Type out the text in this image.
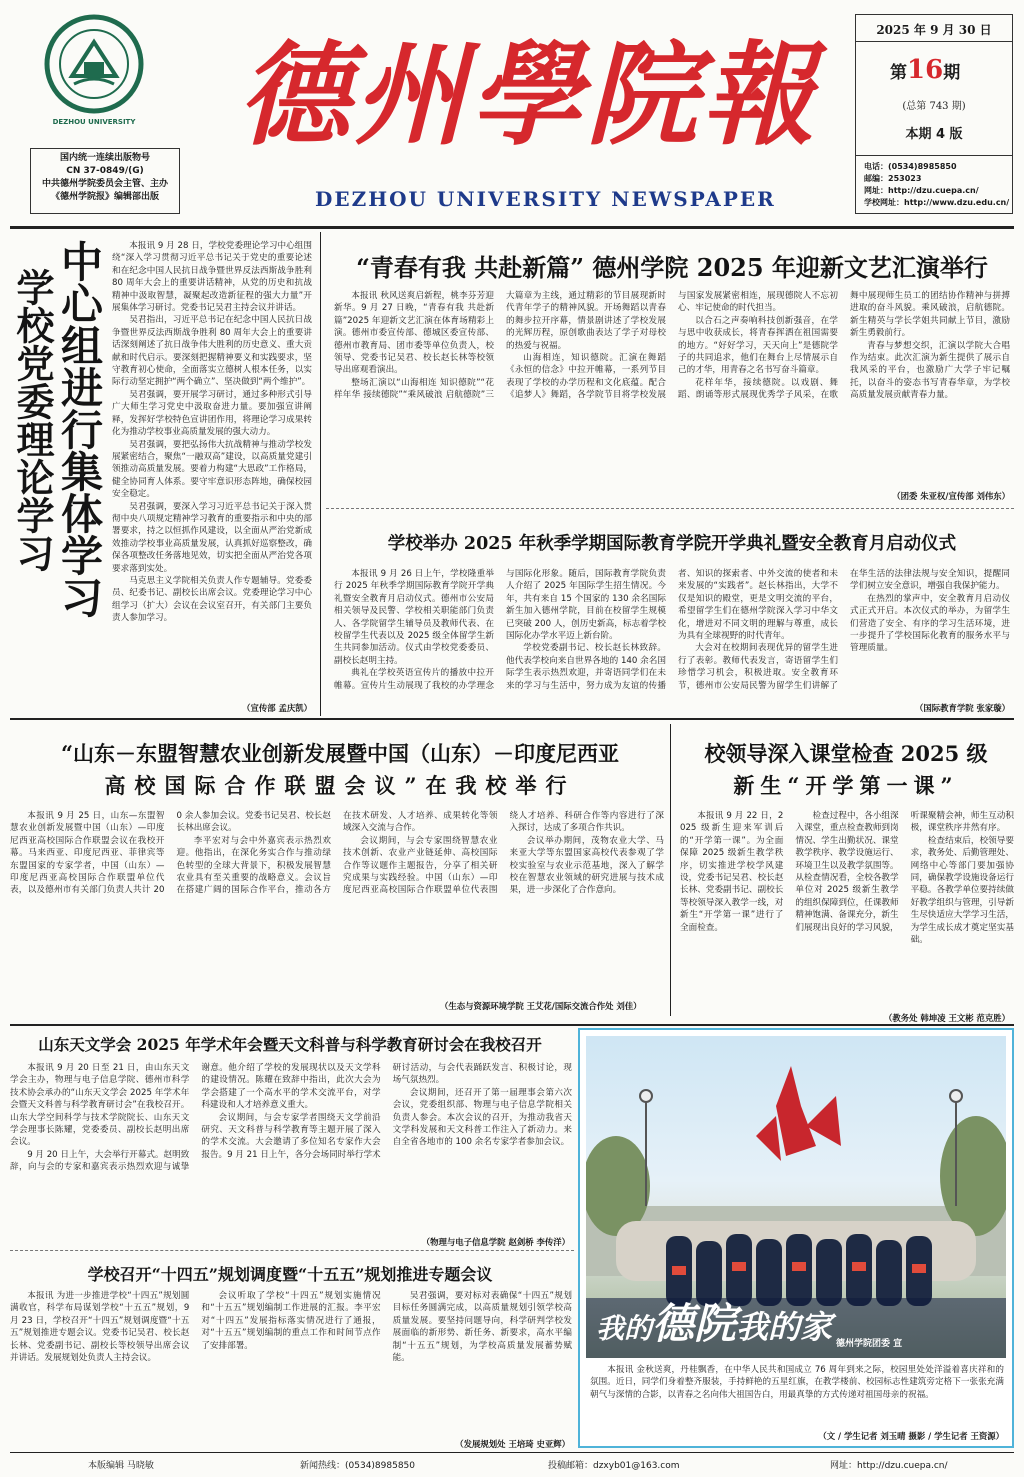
DEZHOU UNIVERSITY
国内统一连续出版物号
CN 37-0849/(G)
中共德州学院委员会主管、主办
《德州学院报》编辑部出版
德州學院報
DEZHOU UNIVERSITY NEWSPAPER
2025 年 9 月 30 日
第16期
(总第 743 期)
本期 4 版
电话：(0534)8985850
邮编：253023
网址：http://dzu.cuepa.cn/
学校网址：http://www.dzu.edu.cn/
中心组进行集体学习
学校党委理论学习

本报讯 9 月 28 日，学校党委理论学习中心组围绕“深入学习贯彻习近平总书记关于党史的重要论述和在纪念中国人民抗日战争暨世界反法西斯战争胜利 80 周年大会上的重要讲话精神，从党的历史和抗战精神中汲取智慧，凝聚起改造新征程的强大力量”开展集体学习研讨。党委书记吴君主持会议并讲话。

吴君指出，习近平总书记在纪念中国人民抗日战争暨世界反法西斯战争胜利 80 周年大会上的重要讲话深刻阐述了抗日战争伟大胜利的历史意义、重大贡献和时代启示。要深刻把握精神要义和实践要求，坚守教育初心使命，全面落实立德树人根本任务，以实际行动坚定拥护“两个确立”、坚决做到“两个维护”。

吴君强调，要开展学习研讨，通过多种形式引导广大师生学习党史中汲取奋进力量。要加强宣讲阐释，发挥好学校特色宣讲团作用，将理论学习成果转化为推动学校事业高质量发展的强大动力。

吴君强调，要把弘扬伟大抗战精神与推动学校发展紧密结合，聚焦“一融双高”建设，以高质量党建引领推动高质量发展。要着力构建“大思政”工作格局，健全协同育人体系。要守牢意识形态阵地，确保校园安全稳定。

吴君强调，要深入学习习近平总书记关于深入贯彻中央八项规定精神学习教育的重要指示和中央的部署要求，持之以恒抓作风建设，以全面从严治党新成效推动学校事业高质量发展，认真抓好巡察整改，确保各项整改任务落地见效，切实把全面从严治党各项要求落到实处。

马克思主义学院相关负责人作专题辅导。党委委员、纪委书记、副校长出席会议。党委理论学习中心组学习（扩大）会议在会议室召开，有关部门主要负责人参加学习。

（宣传部 孟庆凯）
“青春有我 共赴新篇” 德州学院 2025 年迎新文艺汇演举行

本报讯 秋风送爽启新程，桃李芬芳迎新华。9 月 27 日晚，“青春有我 共赴新篇”2025 年迎新文艺汇演在体育场精彩上演。德州市委宣传部、德城区委宣传部、德州市教育局、团市委等单位负责人，校领导、党委书记吴君、校长赵长林等校领导出席观看演出。

整场汇演以“山海相连 知识德院”“花样年华 接续德院”“乘风破浪 启航德院”三大篇章为主线，通过精彩的节目展现新时代青年学子的精神风貌。开场舞蹈以青春的舞步拉开序幕，情景剧讲述了学校发展的光辉历程，原创歌曲表达了学子对母校的热爱与祝福。

山海相连，知识德院。汇演在舞蹈《永恒的信念》中拉开帷幕，一系列节目表现了学校的办学历程和文化底蕴。配合《追梦人》舞蹈，各学院节目将学校发展与国家发展紧密相连，展现德院人不忘初心、牢记使命的时代担当。

以合石之声奏响科技创新强音，在学与思中收获成长，将青春挥洒在祖国需要的地方。“好好学习，天天向上”是德院学子的共同追求，他们在舞台上尽情展示自己的才华，用青春之名书写奋斗篇章。

花样年华，接续德院。以戏剧、舞蹈、朗诵等形式展现优秀学子风采，在歌舞中展现师生员工的团结协作精神与拼搏进取的奋斗风貌。乘风破浪，启航德院。新生精英与学长学姐共同献上节目，激励新生勇毅前行。

青春与梦想交织，汇演以学院大合唱作为结束。此次汇演为新生提供了展示自我风采的平台，也激励广大学子牢记嘱托，以奋斗的姿态书写青春华章，为学校高质量发展贡献青春力量。

（团委 朱亚权/宣传部 刘伟东）
学校举办 2025 年秋季学期国际教育学院开学典礼暨安全教育月启动仪式

本报讯 9 月 26 日上午，学校隆重举行 2025 年秋季学期国际教育学院开学典礼暨安全教育月启动仪式。德州市公安局相关领导及民警、学校相关职能部门负责人、各学院留学生辅导员及教师代表、在校留学生代表以及 2025 级全体留学生新生共同参加活动。仪式由学校党委委员、副校长赵明主持。

典礼在学校英语宣传片的播放中拉开帷幕。宣传片生动展现了我校的办学理念与国际化形象。随后，国际教育学院负责人介绍了 2025 年国际学生招生情况。今年，共有来自 15 个国家的 130 余名国际新生加入德州学院，目前在校留学生规模已突破 200 人，创历史新高，标志着学校国际化办学水平迈上新台阶。

学校党委副书记、校长赵长林致辞。他代表学校向来自世界各地的 140 余名国际学生表示热烈欢迎，并寄语同学们在未来的学习与生活中，努力成为友谊的传播者、知识的探索者、中外交流的使者和未来发展的“实践者”。赵长林指出，大学不仅是知识的殿堂，更是文明交流的平台，希望留学生们在德州学院深入学习中华文化，增进对不同文明的理解与尊重，成长为具有全球视野的时代青年。

大会对在校期间表现优异的留学生进行了表彰。教师代表发言，寄语留学生们珍惜学习机会，积极进取。安全教育环节，德州市公安局民警为留学生们讲解了在华生活的法律法规与安全知识，提醒同学们树立安全意识，增强自我保护能力。

在热烈的掌声中，安全教育月启动仪式正式开启。本次仪式的举办，为留学生们营造了安全、有序的学习生活环境，进一步提升了学校国际化教育的服务水平与管理质量。

（国际教育学院 张家璇）
“山东－东盟智慧农业创新发展暨中国（山东）－印度尼西亚
高校国际合作联盟会议”在我校举行

本报讯 9 月 25 日，山东—东盟智慧农业创新发展暨中国（山东）—印度尼西亚高校国际合作联盟会议在我校开幕。马来西亚、印度尼西亚、菲律宾等东盟国家的专家学者，中国（山东）—印度尼西亚高校国际合作联盟单位代表，以及德州市有关部门负责人共计 200 余人参加会议。党委书记吴君、校长赵长林出席会议。

李平宏对与会中外嘉宾表示热烈欢迎。他指出，在深化务实合作与推动绿色转型的全球大背景下，积极发展智慧农业具有至关重要的战略意义。会议旨在搭建广阔的国际合作平台，推动各方在技术研发、人才培养、成果转化等领域深入交流与合作。

会议期间，与会专家围绕智慧农业技术创新、农业产业链延伸、高校国际合作等议题作主题报告，分享了相关研究成果与实践经验。中国（山东）—印度尼西亚高校国际合作联盟单位代表围绕人才培养、科研合作等内容进行了深入探讨，达成了多项合作共识。

会议举办期间，茂物农业大学、马来亚大学等东盟国家高校代表参观了学校实验室与农业示范基地，深入了解学校在智慧农业领域的研究进展与技术成果，进一步深化了合作意向。

（生态与资源环境学院 王艾花/国际交流合作处 刘佳）
校领导深入课堂检查 2025 级
新生“开学第一课”

本报讯 9 月 22 日，2025 级新生迎来军训后的“开学第一课”。为全面保障 2025 级新生教学秩序，切实推进学校学风建设，党委书记吴君、校长赵长林、党委副书记、副校长等校领导深入教学一线，对新生“开学第一课”进行了全面检查。

检查过程中，各小组深入课堂，重点检查教师到岗情况、学生出勤状况、课堂教学秩序、教学设施运行、环境卫生以及教学氛围等。从检查情况看，全校各教学单位对 2025 级新生教学的组织保障到位，任课教师精神饱满、备课充分，新生们展现出良好的学习风貌，听课聚精会神，师生互动积极，课堂秩序井然有序。

检查结束后，校领导要求，教务处、后勤管理处、网络中心等部门要加强协同，确保教学设施设备运行平稳。各教学单位要持续做好教学组织与管理，引导新生尽快适应大学学习生活，为学生成长成才奠定坚实基础。

（教务处 韩坤凌 王文彬 范克胜）
山东天文学会 2025 年学术年会暨天文科普与科学教育研讨会在我校召开

本报讯 9 月 20 日至 21 日，由山东天文学会主办，物理与电子信息学院、德州市科学技术协会承办的“山东天文学会 2025 年学术年会暨天文科普与科学教育研讨会”在我校召开。山东大学空间科学与技术学院院长、山东天文学会理事长陈耀，党委委员、副校长赵明出席会议。

9 月 20 日上午，大会举行开幕式。赵明致辞，向与会的专家和嘉宾表示热烈欢迎与诚挚谢意。他介绍了学校的发展现状以及天文学科的建设情况。陈耀在致辞中指出，此次大会为学会搭建了一个高水平的学术交流平台，对学科建设和人才培养意义重大。

会议期间，与会专家学者围绕天文学前沿研究、天文科普与科学教育等主题开展了深入的学术交流。大会邀请了多位知名专家作大会报告。9 月 21 日上午，各分会场同时举行学术研讨活动，与会代表踊跃发言、积极讨论，现场气氛热烈。

会议期间，还召开了第一届理事会第六次会议，党委组织部、物理与电子信息学院相关负责人参会。本次会议的召开，为推动我省天文学科发展和天文科普工作注入了新动力。来自全省各地市的 100 余名专家学者参加会议。

（物理与电子信息学院 赵剑桥 李传洋）
学校召开“十四五”规划调度暨“十五五”规划推进专题会议

本报讯 为进一步推进学校“十四五”规划圆满收官，科学布局谋划学校“十五五”规划，9 月 23 日，学校召开“十四五”规划调度暨“十五五”规划推进专题会议。党委书记吴君、校长赵长林、党委副书记、副校长等校领导出席会议并讲话。发展规划处负责人主持会议。

会议听取了学校“十四五”规划实施情况和“十五五”规划编制工作进展的汇报。李平宏对“十四五”发展指标落实情况进行了通报，对“十五五”规划编制的重点工作和时间节点作了安排部署。

吴君强调，要对标对表确保“十四五”规划目标任务圆满完成，以高质量规划引领学校高质量发展。要坚持问题导向，科学研判学校发展面临的新形势、新任务、新要求，高水平编制“十五五”规划，为学校高质量发展蓄势赋能。

（发展规划处 王培琦 史亚辉）
我的德院我的家 德州学院团委 宣
本报讯 金秋送爽，丹桂飘香，在中华人民共和国成立 76 周年到来之际，校园里处处洋溢着喜庆祥和的氛围。近日，同学们身着整齐服装，手持鲜艳的五星红旗，在教学楼前、校园标志性建筑旁定格下一张张充满朝气与深情的合影，以青春之名向伟大祖国告白，用最真挚的方式传递对祖国母亲的祝福。
（文 / 学生记者 刘玉晴 摄影 / 学生记者 王资源）
本版编辑 马晓敏	新闻热线：(0534)8985850	投稿邮箱：dzxyb01@163.com	网址：http://dzu.cuepa.cn/
